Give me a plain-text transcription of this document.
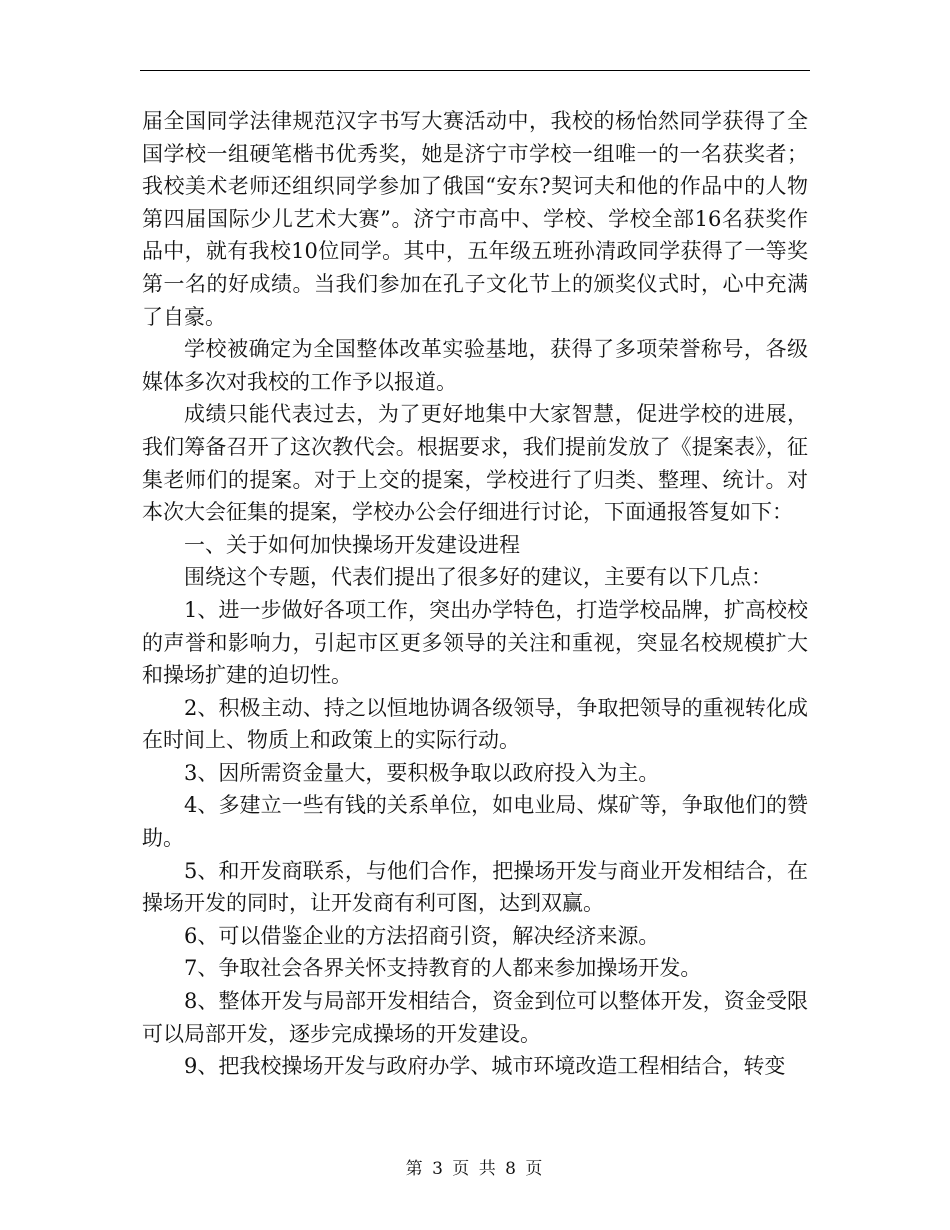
届全国同学法律规范汉字书写大赛活动中，我校的杨怡然同学获得了全国学校一组硬笔楷书优秀奖，她是济宁市学校一组唯一的一名获奖者；我校美术老师还组织同学参加了俄国“安东?契诃夫和他的作品中的人物第四届国际少儿艺术大赛”。济宁市高中、学校、学校全部16名获奖作品中，就有我校10位同学。其中，五年级五班孙清政同学获得了一等奖第一名的好成绩。当我们参加在孔子文化节上的颁奖仪式时，心中充满了自豪。

学校被确定为全国整体改革实验基地，获得了多项荣誉称号，各级媒体多次对我校的工作予以报道。

成绩只能代表过去，为了更好地集中大家智慧，促进学校的进展，我们筹备召开了这次教代会。根据要求，我们提前发放了《提案表》，征集老师们的提案。对于上交的提案，学校进行了归类、整理、统计。对本次大会征集的提案，学校办公会仔细进行讨论，下面通报答复如下：

一、关于如何加快操场开发建设进程

围绕这个专题，代表们提出了很多好的建议，主要有以下几点：

1、进一步做好各项工作，突出办学特色，打造学校品牌，扩高校校的声誉和影响力，引起市区更多领导的关注和重视，突显名校规模扩大和操场扩建的迫切性。

2、积极主动、持之以恒地协调各级领导，争取把领导的重视转化成在时间上、物质上和政策上的实际行动。

3、因所需资金量大，要积极争取以政府投入为主。

4、多建立一些有钱的关系单位，如电业局、煤矿等，争取他们的赞助。

5、和开发商联系，与他们合作，把操场开发与商业开发相结合，在操场开发的同时，让开发商有利可图，达到双赢。

6、可以借鉴企业的方法招商引资，解决经济来源。

7、争取社会各界关怀支持教育的人都来参加操场开发。

8、整体开发与局部开发相结合，资金到位可以整体开发，资金受限可以局部开发，逐步完成操场的开发建设。

9、把我校操场开发与政府办学、城市环境改造工程相结合，转变

第 3 页 共 8 页
